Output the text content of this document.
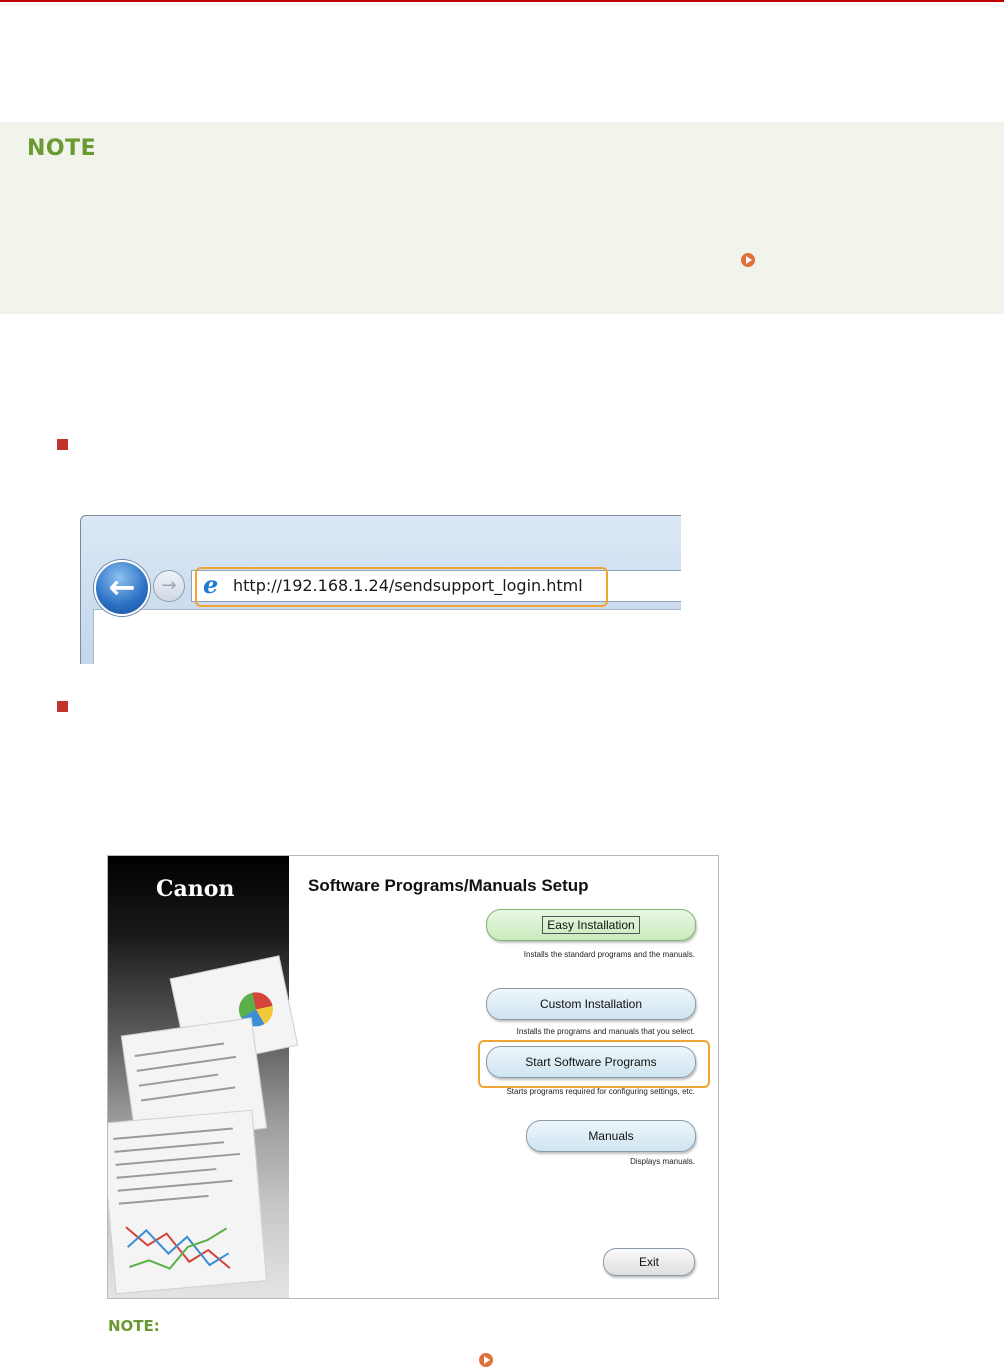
NOTE
←	→	e http://192.168.1.24/sendsupport_login.html
Canon	Software Programs/Manuals Setup
Easy Installation
Installs the standard programs and the manuals.
Custom Installation
Installs the programs and manuals that you select.
Start Software Programs
Starts programs required for configuring settings, etc.
Manuals
Displays manuals.
Exit
NOTE:
